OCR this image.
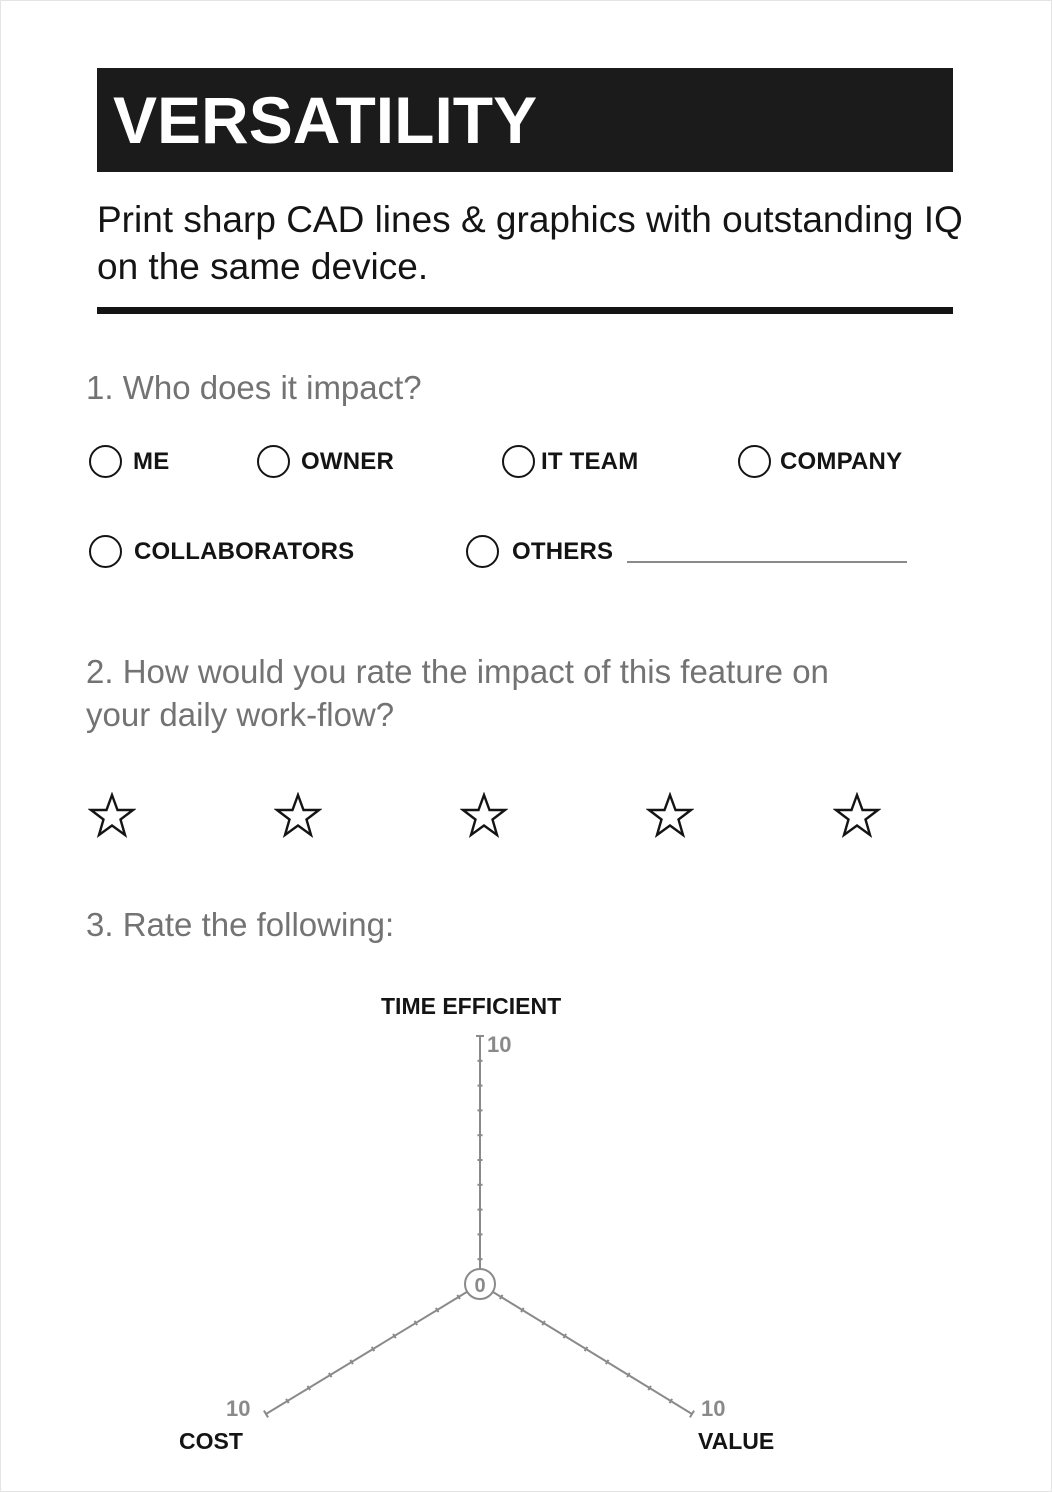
VERSATILITY
Print sharp CAD lines & graphics with outstanding IQ on the same device.
1. Who does it impact?
ME	OWNER	IT TEAM	COMPANY
COLLABORATORS	OTHERS
2. How would you rate the impact of this feature on your daily work-flow?
3. Rate the following:
0
TIME EFFICIENT
10
10
COST
10
VALUE
